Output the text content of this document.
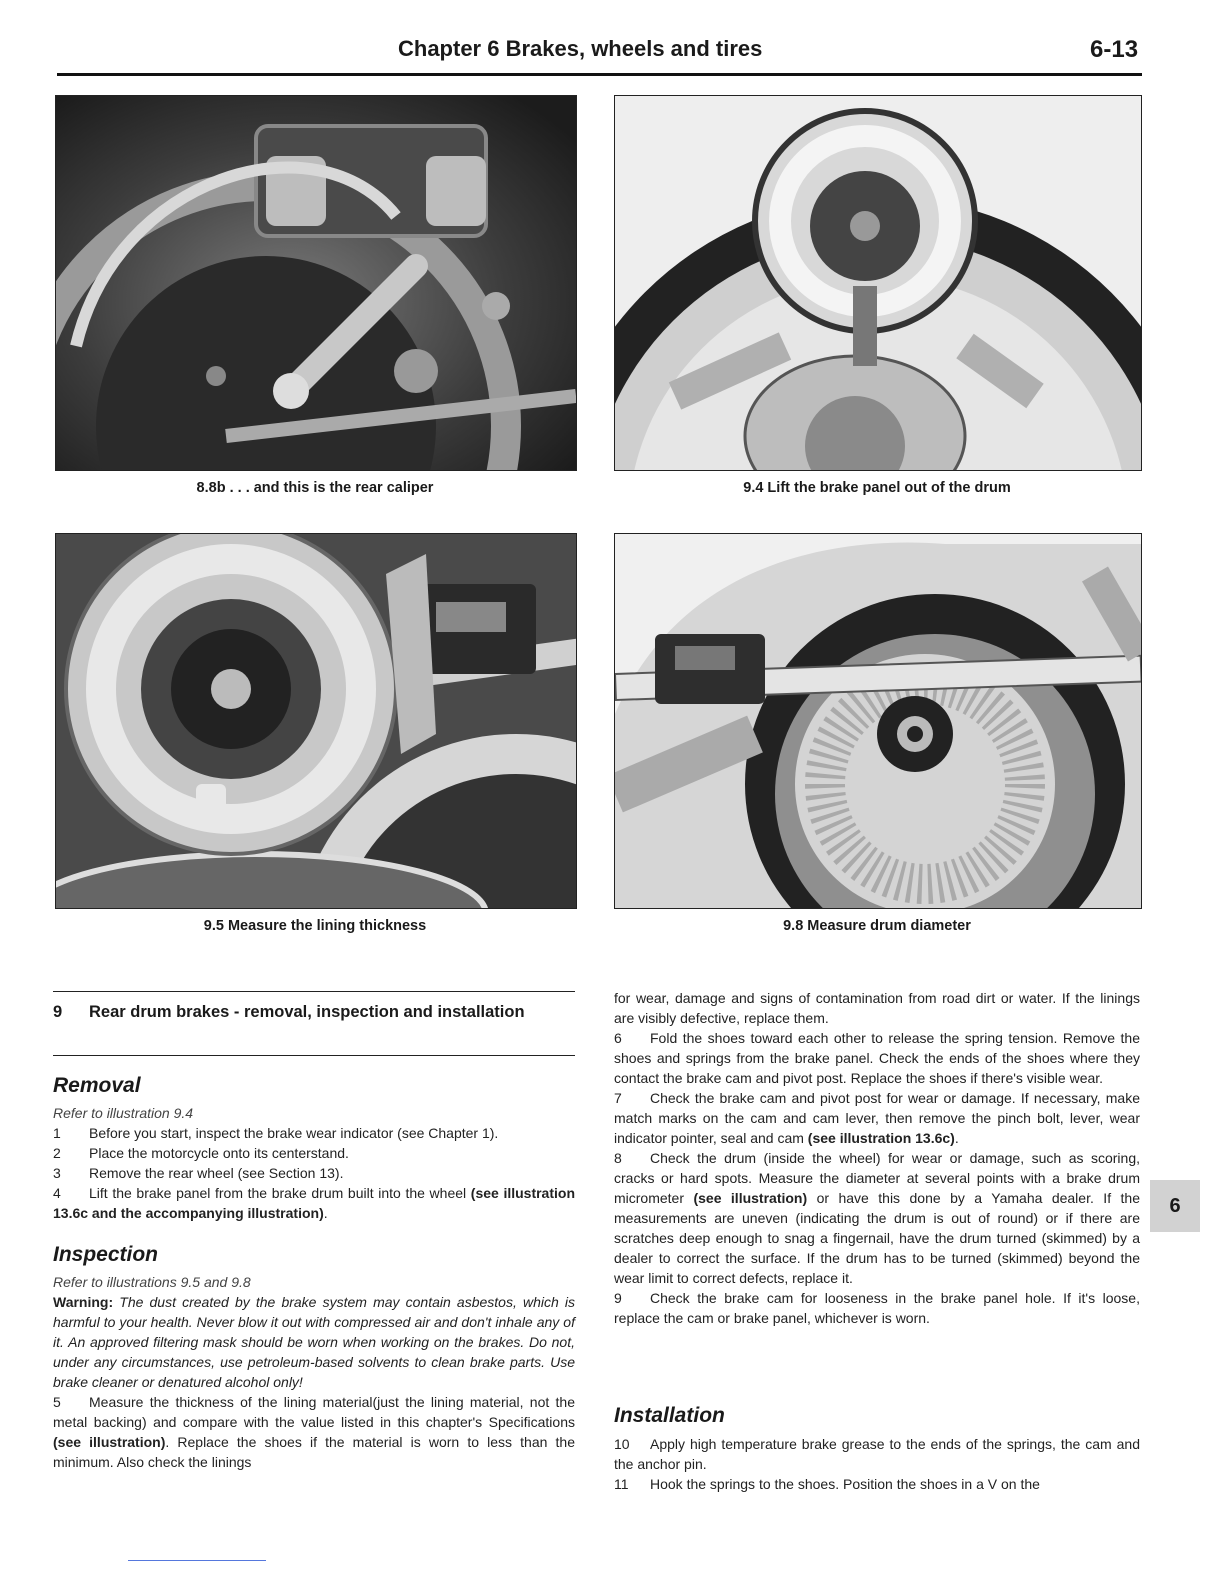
Chapter 6 Brakes, wheels and tires	6-13
8.8b . . . and this is the rear caliper	9.4 Lift the brake panel out of the drum
9.5 Measure the lining thickness	9.8 Measure drum diameter
9 Rear drum brakes - removal, inspection and installation
Removal

Refer to illustration 9.4

1	Before you start, inspect the brake wear indicator (see Chapter 1).
2	Place the motorcycle onto its centerstand.
3	Remove the rear wheel (see Section 13).

4 Lift the brake panel from the brake drum built into the wheel (see illustration 13.6c and the accompanying illustration).

Inspection

Refer to illustrations 9.5 and 9.8

Warning: The dust created by the brake system may contain asbestos, which is harmful to your health. Never blow it out with compressed air and don't inhale any of it. An approved filtering mask should be worn when working on the brakes. Do not, under any circumstances, use petroleum-based solvents to clean brake parts. Use brake cleaner or denatured alcohol only!

5 Measure the thickness of the lining material(just the lining material, not the metal backing) and compare with the value listed in this chapter's Specifications (see illustration). Replace the shoes if the material is worn to less than the minimum. Also check the linings

for wear, damage and signs of contamination from road dirt or water. If the linings are visibly defective, replace them.

6 Fold the shoes toward each other to release the spring tension. Remove the shoes and springs from the brake panel. Check the ends of the shoes where they contact the brake cam and pivot post. Replace the shoes if there's visible wear.

7 Check the brake cam and pivot post for wear or damage. If necessary, make match marks on the cam and cam lever, then remove the pinch bolt, lever, wear indicator pointer, seal and cam (see illustration 13.6c).

8 Check the drum (inside the wheel) for wear or damage, such as scoring, cracks or hard spots. Measure the diameter at several points with a brake drum micrometer (see illustration) or have this done by a Yamaha dealer. If the measurements are uneven (indicating the drum is out of round) or if there are scratches deep enough to snag a fingernail, have the drum turned (skimmed) by a dealer to correct the surface. If the drum has to be turned (skimmed) beyond the wear limit to correct defects, replace it.

9 Check the brake cam for looseness in the brake panel hole. If it's loose, replace the cam or brake panel, whichever is worn.

Installation

10 Apply high temperature brake grease to the ends of the springs, the cam and the anchor pin.

11 Hook the springs to the shoes. Position the shoes in a V on the

6
